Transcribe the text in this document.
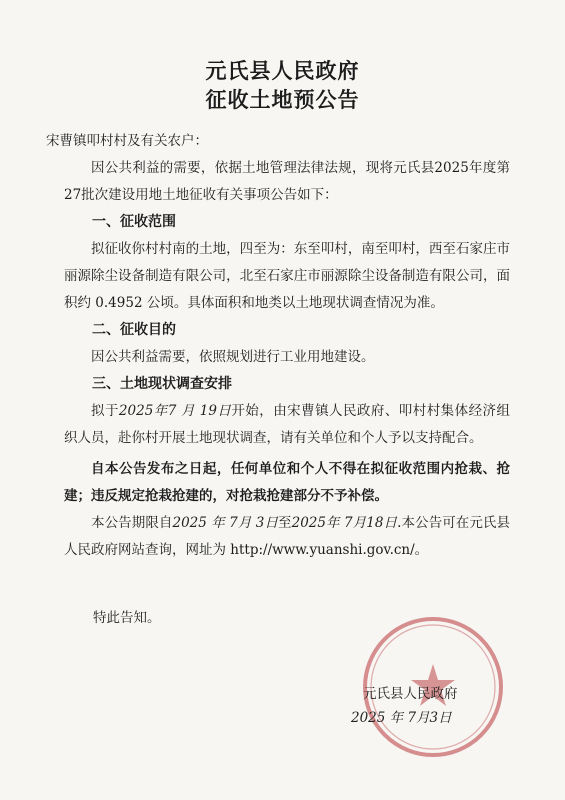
元氏县人民政府
征收土地预公告

宋曹镇叩村村及有关农户：

因公共利益的需要，依据土地管理法律法规，现将元氏县2025年度第27批次建设用地土地征收有关事项公告如下：

一、征收范围

拟征收你村村南的土地，四至为：东至叩村，南至叩村，西至石家庄市丽源除尘设备制造有限公司，北至石家庄市丽源除尘设备制造有限公司，面积约 0.4952 公顷。具体面积和地类以土地现状调查情况为准。

二、征收目的

因公共利益需要，依照规划进行工业用地建设。

三、土地现状调查安排

拟于2025年7 月 19日开始，由宋曹镇人民政府、叩村村集体经济组织人员，赴你村开展土地现状调查，请有关单位和个人予以支持配合。

自本公告发布之日起，任何单位和个人不得在拟征收范围内抢栽、抢建；违反规定抢栽抢建的，对抢栽抢建部分不予补偿。

本公告期限自2025 年 7月 3日至2025年 7月18日.本公告可在元氏县人民政府网站查询，网址为 http://www.yuanshi.gov.cn/。

特此告知。
元氏县人民政府
2025 年 7月3日
